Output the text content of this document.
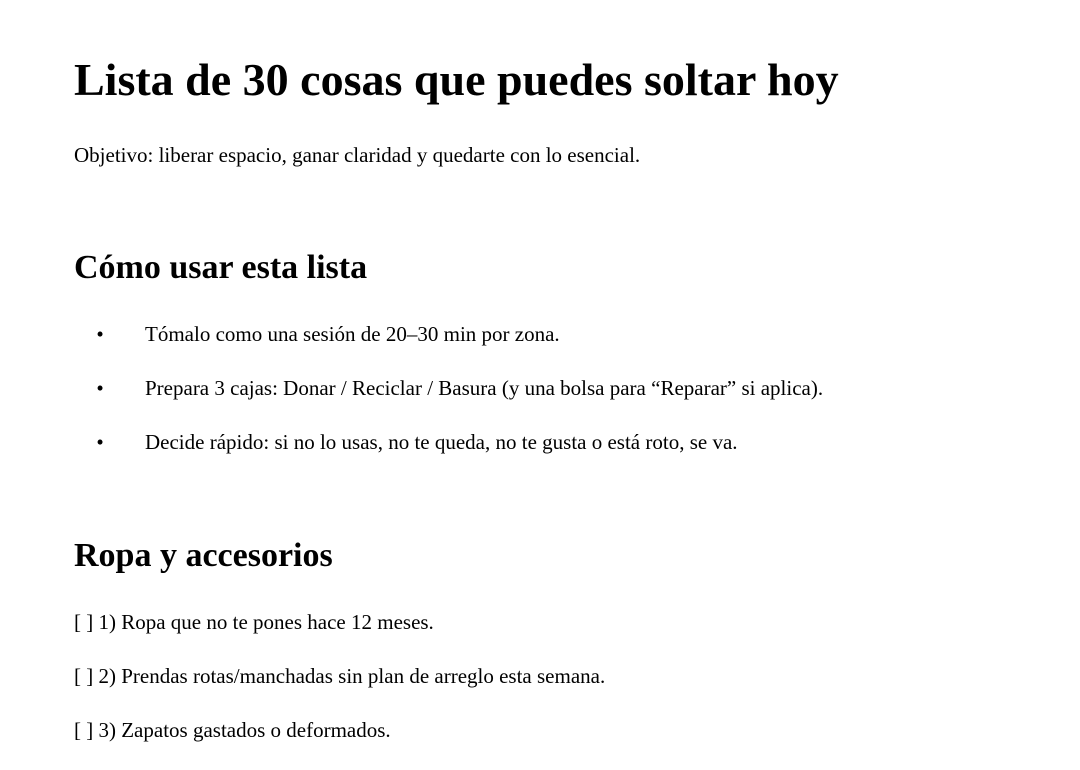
Lista de 30 cosas que puedes soltar hoy

Objetivo: liberar espacio, ganar claridad y quedarte con lo esencial.

Cómo usar esta lista
• Tómalo como una sesión de 20–30 min por zona.
• Prepara 3 cajas: Donar / Reciclar / Basura (y una bolsa para “Reparar” si aplica).
• Decide rápido: si no lo usas, no te queda, no te gusta o está roto, se va.
Ropa y accesorios
[ ] 1) Ropa que no te pones hace 12 meses.
[ ] 2) Prendas rotas/manchadas sin plan de arreglo esta semana.
[ ] 3) Zapatos gastados o deformados.
